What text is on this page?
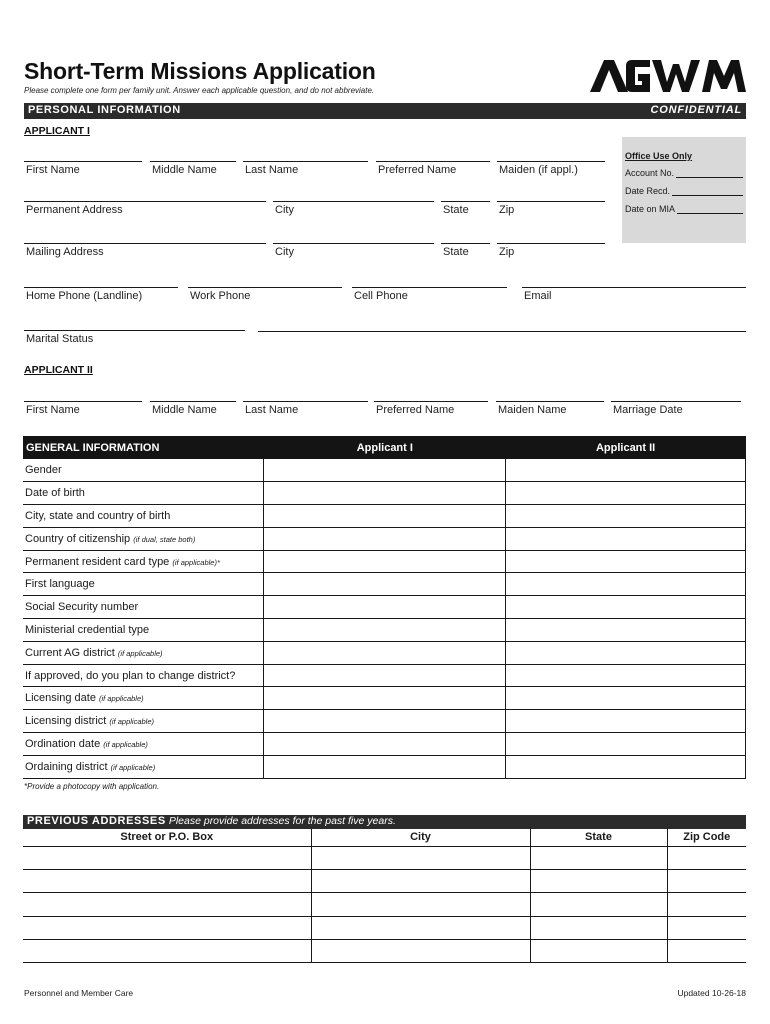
Short-Term Missions Application
Please complete one form per family unit. Answer each applicable question, and do not abbreviate.
PERSONAL INFORMATION	CONFIDENTIAL
APPLICANT I
First Name	Middle Name	Last Name	Preferred Name	Maiden (if appl.)
Permanent Address	City	State	Zip
Mailing Address	City	State	Zip
Home Phone (Landline)	Work Phone	Cell Phone	Email
Marital Status
Office Use Only
Account No.
Date Recd.
Date on MIA
APPLICANT II
First Name	Middle Name	Last Name	Preferred Name	Maiden Name	Marriage Date
GENERAL INFORMATION	Applicant I	Applicant II
Gender		
Date of birth		
City, state and country of birth		
Country of citizenship (if dual, state both)		
Permanent resident card type (if applicable)*		
First language		
Social Security number		
Ministerial credential type		
Current AG district (if applicable)		
If approved, do you plan to change district?		
Licensing date (if applicable)		
Licensing district (if applicable)		
Ordination date (if applicable)		
Ordaining district (if applicable)		
*Provide a photocopy with application.
PREVIOUS ADDRESSES Please provide addresses for the past five years.
Street or P.O. Box	City	State	Zip Code

Personnel and Member Care	Updated 10-26-18
